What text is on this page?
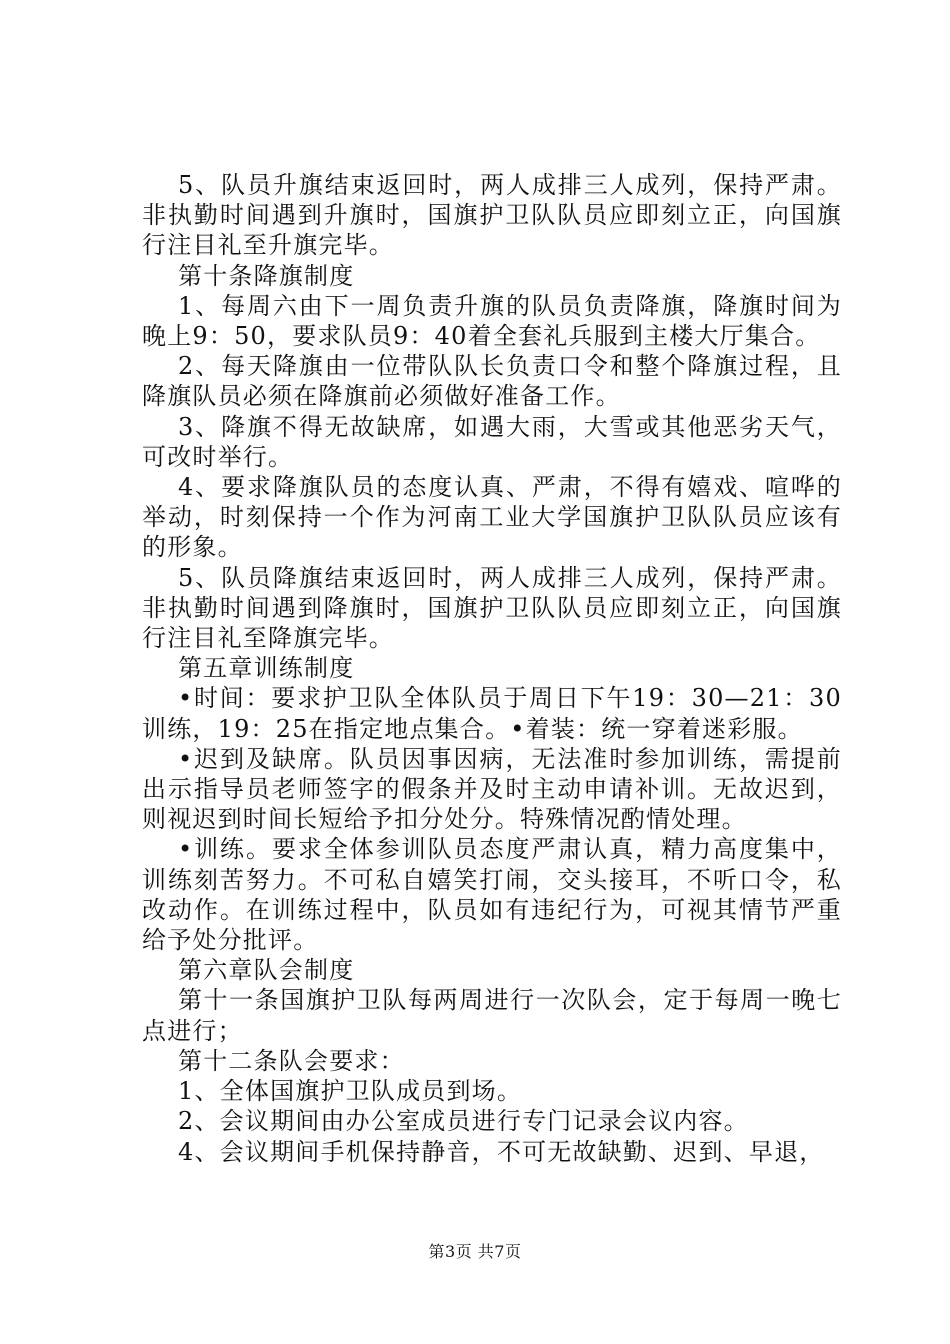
5、队员升旗结束返回时，两人成排三人成列，保持严肃。非执勤时间遇到升旗时，国旗护卫队队员应即刻立正，向国旗行注目礼至升旗完毕。

第十条降旗制度

1、每周六由下一周负责升旗的队员负责降旗，降旗时间为晚上9：50，要求队员9：40着全套礼兵服到主楼大厅集合。

2、每天降旗由一位带队队长负责口令和整个降旗过程，且降旗队员必须在降旗前必须做好准备工作。

3、降旗不得无故缺席，如遇大雨，大雪或其他恶劣天气，可改时举行。

4、要求降旗队员的态度认真、严肃，不得有嬉戏、喧哗的举动，时刻保持一个作为河南工业大学国旗护卫队队员应该有的形象。

5、队员降旗结束返回时，两人成排三人成列，保持严肃。非执勤时间遇到降旗时，国旗护卫队队员应即刻立正，向国旗行注目礼至降旗完毕。

第五章训练制度

•时间：要求护卫队全体队员于周日下午19：30—21：30训练，19：25在指定地点集合。•着装：统一穿着迷彩服。

•迟到及缺席。队员因事因病，无法准时参加训练，需提前出示指导员老师签字的假条并及时主动申请补训。无故迟到，则视迟到时间长短给予扣分处分。特殊情况酌情处理。

•训练。要求全体参训队员态度严肃认真，精力高度集中，训练刻苦努力。不可私自嬉笑打闹，交头接耳，不听口令，私改动作。在训练过程中，队员如有违纪行为，可视其情节严重给予处分批评。

第六章队会制度

第十一条国旗护卫队每两周进行一次队会，定于每周一晚七点进行；

第十二条队会要求：

1、全体国旗护卫队成员到场。

2、会议期间由办公室成员进行专门记录会议内容。

4、会议期间手机保持静音，不可无故缺勤、迟到、早退，

第3页 共7页
